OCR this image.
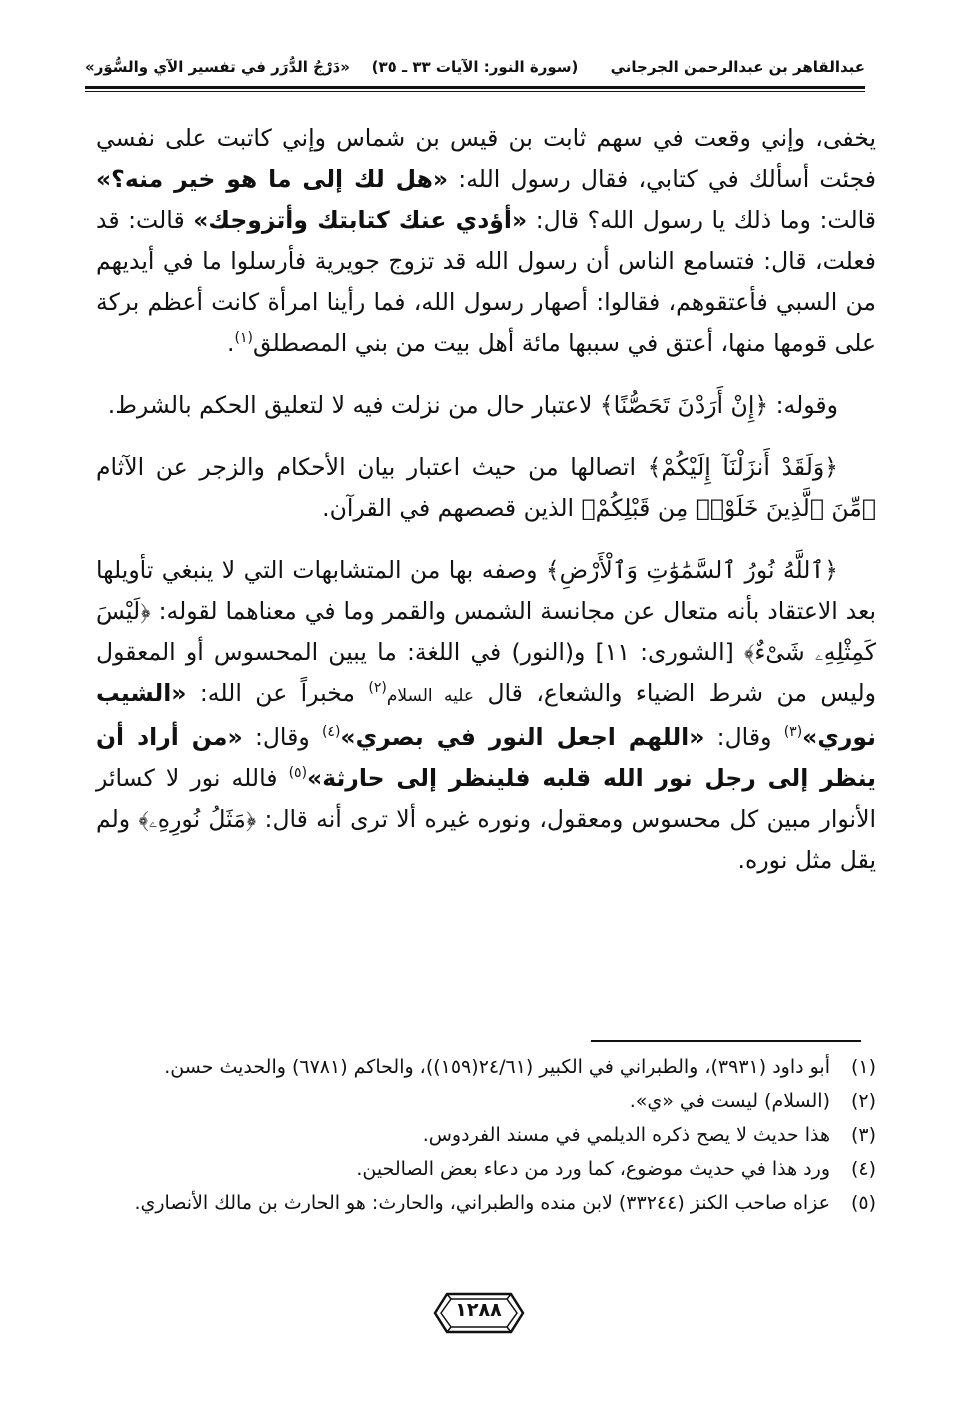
عبدالقاهر بن عبدالرحمن الجرجاني
(سورة النور: الآيات ٣٣ ـ ٣٥)
«دَرْجُ الدُّرَر في تفسير الآي والسُّوَر»

يخفى، وإني وقعت في سهم ثابت بن قيس بن شماس وإني كاتبت على نفسي فجئت أسألك في كتابي، فقال رسول الله: «هل لك إلى ما هو خير منه؟» قالت: وما ذلك يا رسول الله؟ قال: «أؤدي عنك كتابتك وأتزوجك» قالت: قد فعلت، قال: فتسامع الناس أن رسول الله قد تزوج جويرية فأرسلوا ما في أيديهم من السبي فأعتقوهم، فقالوا: أصهار رسول الله، فما رأينا امرأة كانت أعظم بركة على قومها منها، أعتق في سببها مائة أهل بيت من بني المصطلق$^{(١)}$.

وقوله: ﴿إِنْ أَرَدْنَ تَحَصُّنًا﴾ لاعتبار حال من نزلت فيه لا لتعليق الحكم بالشرط.

﴿وَلَقَدْ أَنزَلْنَآ إِلَيْكُمْ﴾ اتصالها من حيث اعتبار بيان الأحكام والزجر عن الآثام ﴿مِّنَ ٱلَّذِينَ خَلَوْا۟ مِن قَبْلِكُمْ﴾ الذين قصصهم في القرآن.

﴿ٱللَّهُ نُورُ ٱلسَّمَٰوَٰتِ وَٱلْأَرْضِ﴾ وصفه بها من المتشابهات التي لا ينبغي تأويلها بعد الاعتقاد بأنه متعال عن مجانسة الشمس والقمر وما في معناهما لقوله: ﴿لَيْسَ كَمِثْلِهِۦ شَىْءٌ﴾ [الشورى: ١١] و(النور) في اللغة: ما يبين المحسوس أو المعقول وليس من شرط الضياء والشعاع، قال عليه السلام$^{(٢)}$ مخبراً عن الله: «الشيب نوري»$^{(٣)}$ وقال: «اللهم اجعل النور في بصري»$^{(٤)}$ وقال: «من أراد أن ينظر إلى رجل نور الله قلبه فلينظر إلى حارثة»$^{(٥)}$ فالله نور لا كسائر الأنوار مبين كل محسوس ومعقول، ونوره غيره ألا ترى أنه قال: ﴿مَثَلُ نُورِهِۦ﴾ ولم يقل مثل نوره.

(١)
أبو داود (٣٩٣١)، والطبراني في الكبير (٢٤/٦١(١٥٩))، والحاكم (٦٧٨١) والحديث حسن.
(٢)
(السلام) ليست في «ي».
(٣)
هذا حديث لا يصح ذكره الديلمي في مسند الفردوس.
(٤)
ورد هذا في حديث موضوع، كما ورد من دعاء بعض الصالحين.
(٥)
عزاه صاحب الكنز (٣٣٢٤٤) لابن منده والطبراني، والحارث: هو الحارث بن مالك الأنصاري.
١٢٨٨
